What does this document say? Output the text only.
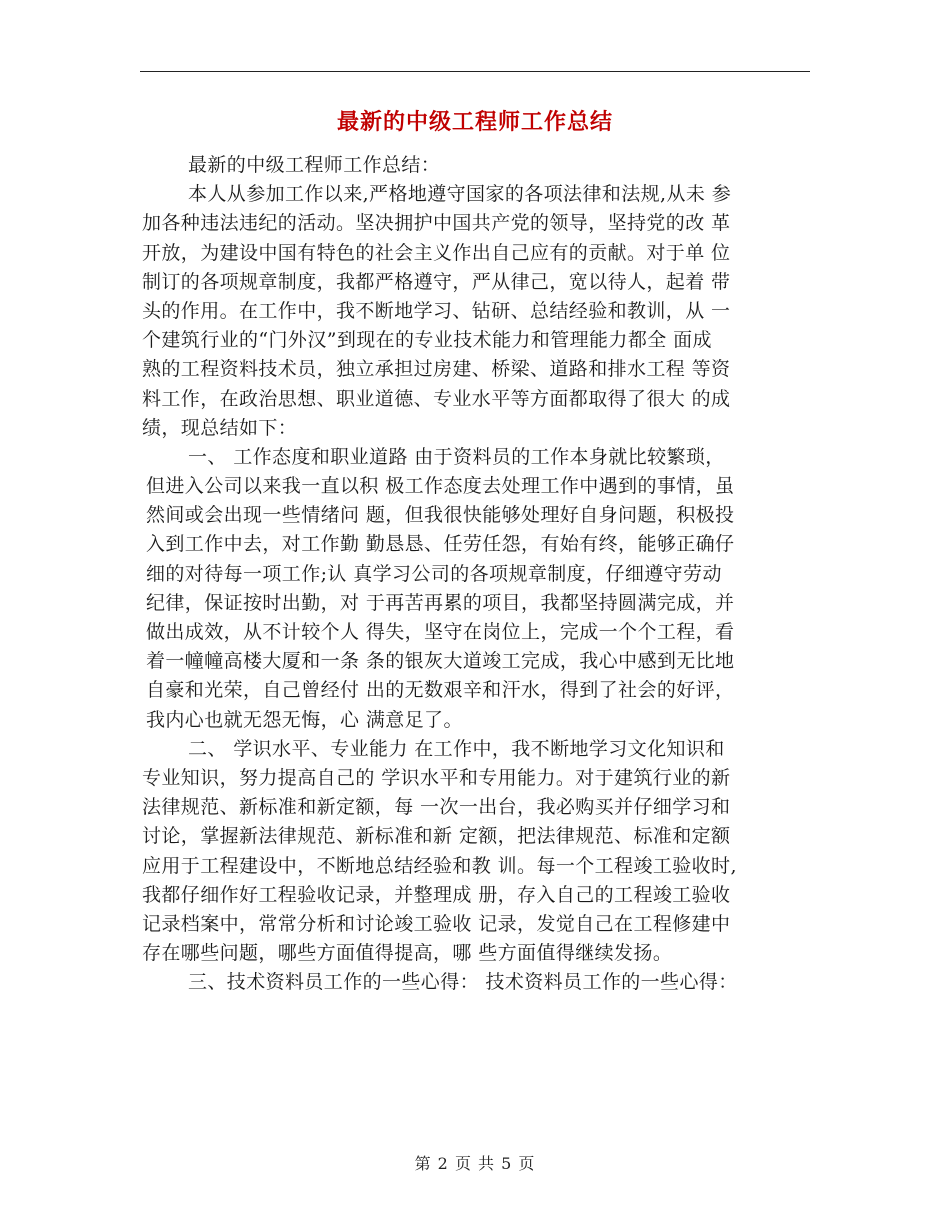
最新的中级工程师工作总结
最新的中级工程师工作总结：
本人从参加工作以来,严格地遵守国家的各项法律和法规,从未 参
加各种违法违纪的活动。坚决拥护中国共产党的领导，坚持党的改 革
开放，为建设中国有特色的社会主义作出自己应有的贡献。对于单 位
制订的各项规章制度，我都严格遵守，严从律己，宽以待人，起着 带
头的作用。在工作中，我不断地学习、钻研、总结经验和教训，从 一
个建筑行业的“门外汉”到现在的专业技术能力和管理能力都全 面成
熟的工程资料技术员，独立承担过房建、桥梁、道路和排水工程 等资
料工作，在政治思想、职业道德、专业水平等方面都取得了很大 的成
绩，现总结如下：
一、 工作态度和职业道路 由于资料员的工作本身就比较繁琐，
但进入公司以来我一直以积 极工作态度去处理工作中遇到的事情，虽
然间或会出现一些情绪问 题，但我很快能够处理好自身问题，积极投
入到工作中去，对工作勤 勤恳恳、任劳任怨，有始有终，能够正确仔
细的对待每一项工作;认 真学习公司的各项规章制度，仔细遵守劳动
纪律，保证按时出勤，对 于再苦再累的项目，我都坚持圆满完成，并
做出成效，从不计较个人 得失，坚守在岗位上，完成一个个工程，看
着一幢幢高楼大厦和一条 条的银灰大道竣工完成，我心中感到无比地
自豪和光荣，自己曾经付 出的无数艰辛和汗水，得到了社会的好评，
我内心也就无怨无悔，心 满意足了。
二、 学识水平、专业能力 在工作中，我不断地学习文化知识和
专业知识，努力提高自己的 学识水平和专用能力。对于建筑行业的新
法律规范、新标准和新定额，每 一次一出台，我必购买并仔细学习和
讨论，掌握新法律规范、新标准和新 定额，把法律规范、标准和定额
应用于工程建设中，不断地总结经验和教 训。每一个工程竣工验收时,
我都仔细作好工程验收记录，并整理成 册，存入自己的工程竣工验收
记录档案中，常常分析和讨论竣工验收 记录，发觉自己在工程修建中
存在哪些问题，哪些方面值得提高，哪 些方面值得继续发扬。
三、技术资料员工作的一些心得： 技术资料员工作的一些心得：
第 2 页 共 5 页
